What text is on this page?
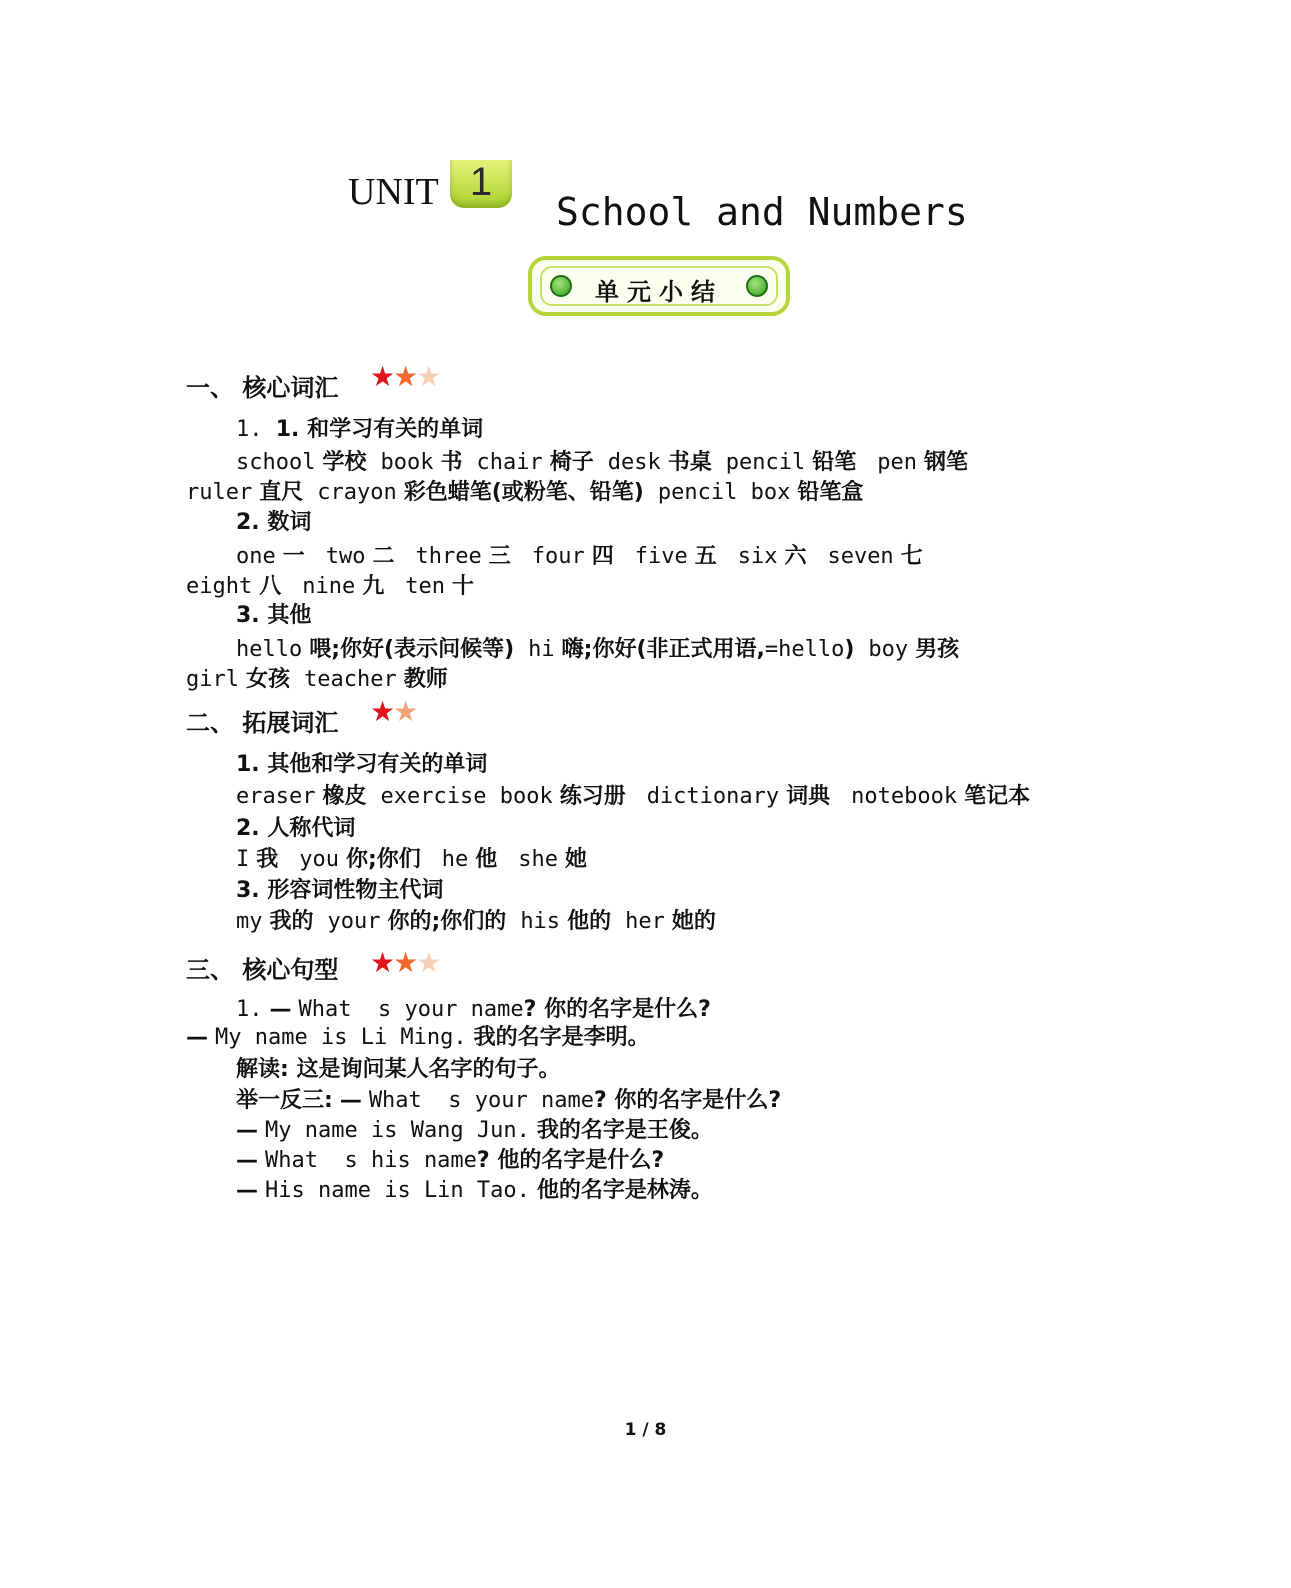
UNIT 1
School and Numbers
单元小结
一、 核心词汇 ★★★
1. 1. 和学习有关的单词
school 学校 book 书 chair 椅子 desk 书桌 pencil 铅笔 pen 钢笔
ruler 直尺 crayon 彩色蜡笔(或粉笔、铅笔) pencil box 铅笔盒
2. 数词
one 一 two 二 three 三 four 四 five 五 six 六 seven 七
eight 八 nine 九 ten 十
3. 其他
hello 喂;你好(表示问候等) hi 嗨;你好(非正式用语,=hello) boy 男孩
girl 女孩 teacher 教师
二、 拓展词汇 ★★
1. 其他和学习有关的单词
eraser 橡皮 exercise book 练习册 dictionary 词典 notebook 笔记本
2. 人称代词
I 我 you 你;你们 he 他 she 她
3. 形容词性物主代词
my 我的 your 你的;你们的 his 他的 her 她的
三、 核心句型 ★★★
1. — What  s your name? 你的名字是什么?
— My name is Li Ming. 我的名字是李明。
解读: 这是询问某人名字的句子。
举一反三: — What  s your name? 你的名字是什么?
— My name is Wang Jun. 我的名字是王俊。
— What  s his name? 他的名字是什么?
— His name is Lin Tao. 他的名字是林涛。
1 / 8
